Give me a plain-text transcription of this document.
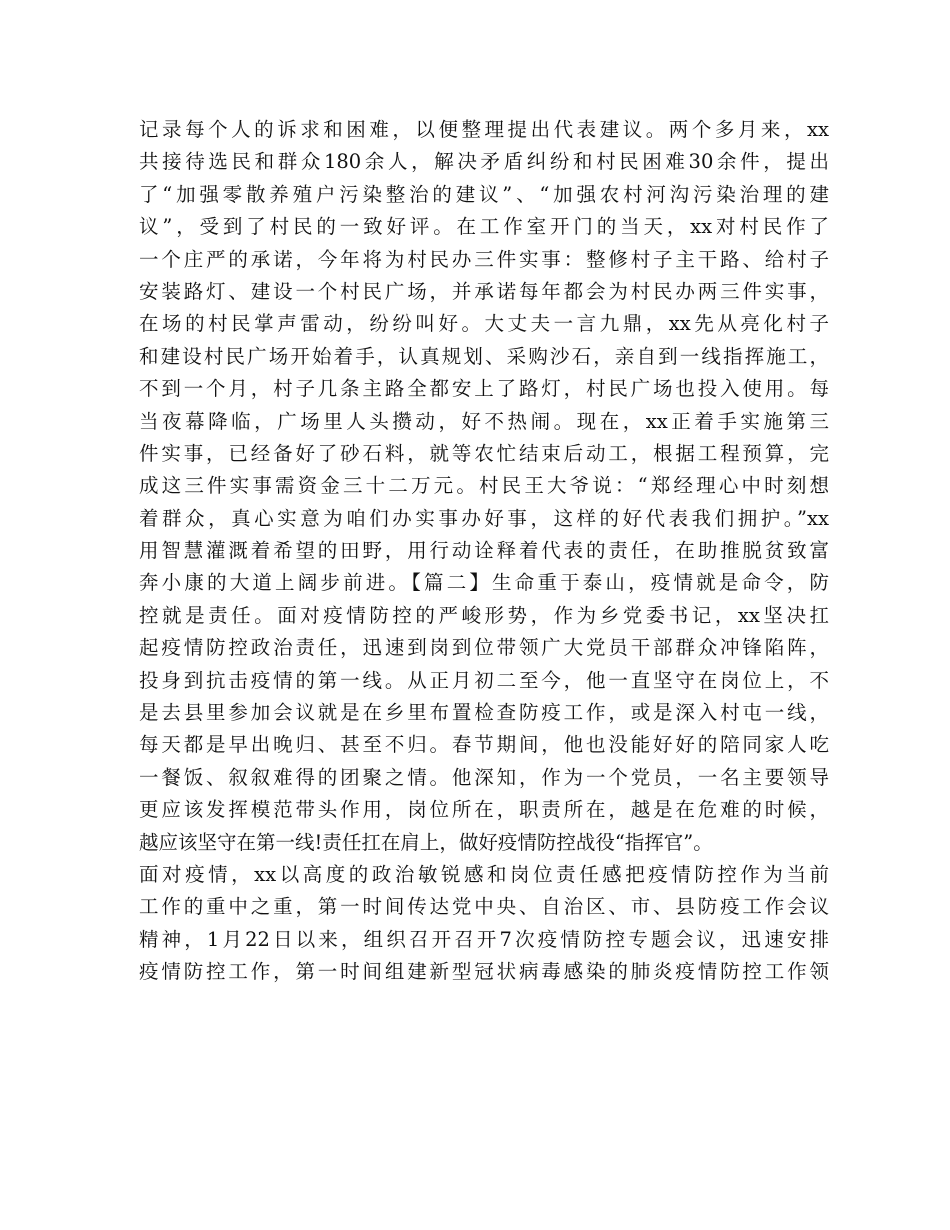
记录每个人的诉求和困难，以便整理提出代表建议。两个多月来，xx
共接待选民和群众180余人，解决矛盾纠纷和村民困难30余件，提出
了“加强零散养殖户污染整治的建议”、“加强农村河沟污染治理的建
议”，受到了村民的一致好评。在工作室开门的当天，xx对村民作了
一个庄严的承诺，今年将为村民办三件实事：整修村子主干路、给村子
安装路灯、建设一个村民广场，并承诺每年都会为村民办两三件实事，
在场的村民掌声雷动，纷纷叫好。大丈夫一言九鼎，xx先从亮化村子
和建设村民广场开始着手，认真规划、采购沙石，亲自到一线指挥施工，
不到一个月，村子几条主路全都安上了路灯，村民广场也投入使用。每
当夜幕降临，广场里人头攒动，好不热闹。现在，xx正着手实施第三
件实事，已经备好了砂石料，就等农忙结束后动工，根据工程预算，完
成这三件实事需资金三十二万元。村民王大爷说：“郑经理心中时刻想
着群众，真心实意为咱们办实事办好事，这样的好代表我们拥护。”xx
用智慧灌溉着希望的田野，用行动诠释着代表的责任，在助推脱贫致富
奔小康的大道上阔步前进。【篇二】生命重于泰山，疫情就是命令，防
控就是责任。面对疫情防控的严峻形势，作为乡党委书记，xx坚决扛
起疫情防控政治责任，迅速到岗到位带领广大党员干部群众冲锋陷阵，
投身到抗击疫情的第一线。从正月初二至今，他一直坚守在岗位上，不
是去县里参加会议就是在乡里布置检查防疫工作，或是深入村屯一线，
每天都是早出晚归、甚至不归。春节期间，他也没能好好的陪同家人吃
一餐饭、叙叙难得的团聚之情。他深知，作为一个党员，一名主要领导
更应该发挥模范带头作用，岗位所在，职责所在，越是在危难的时候，
越应该坚守在第一线!责任扛在肩上，做好疫情防控战役“指挥官”。
面对疫情，xx以高度的政治敏锐感和岗位责任感把疫情防控作为当前
工作的重中之重，第一时间传达党中央、自治区、市、县防疫工作会议
精神，1月22日以来，组织召开召开7次疫情防控专题会议，迅速安排
疫情防控工作，第一时间组建新型冠状病毒感染的肺炎疫情防控工作领
